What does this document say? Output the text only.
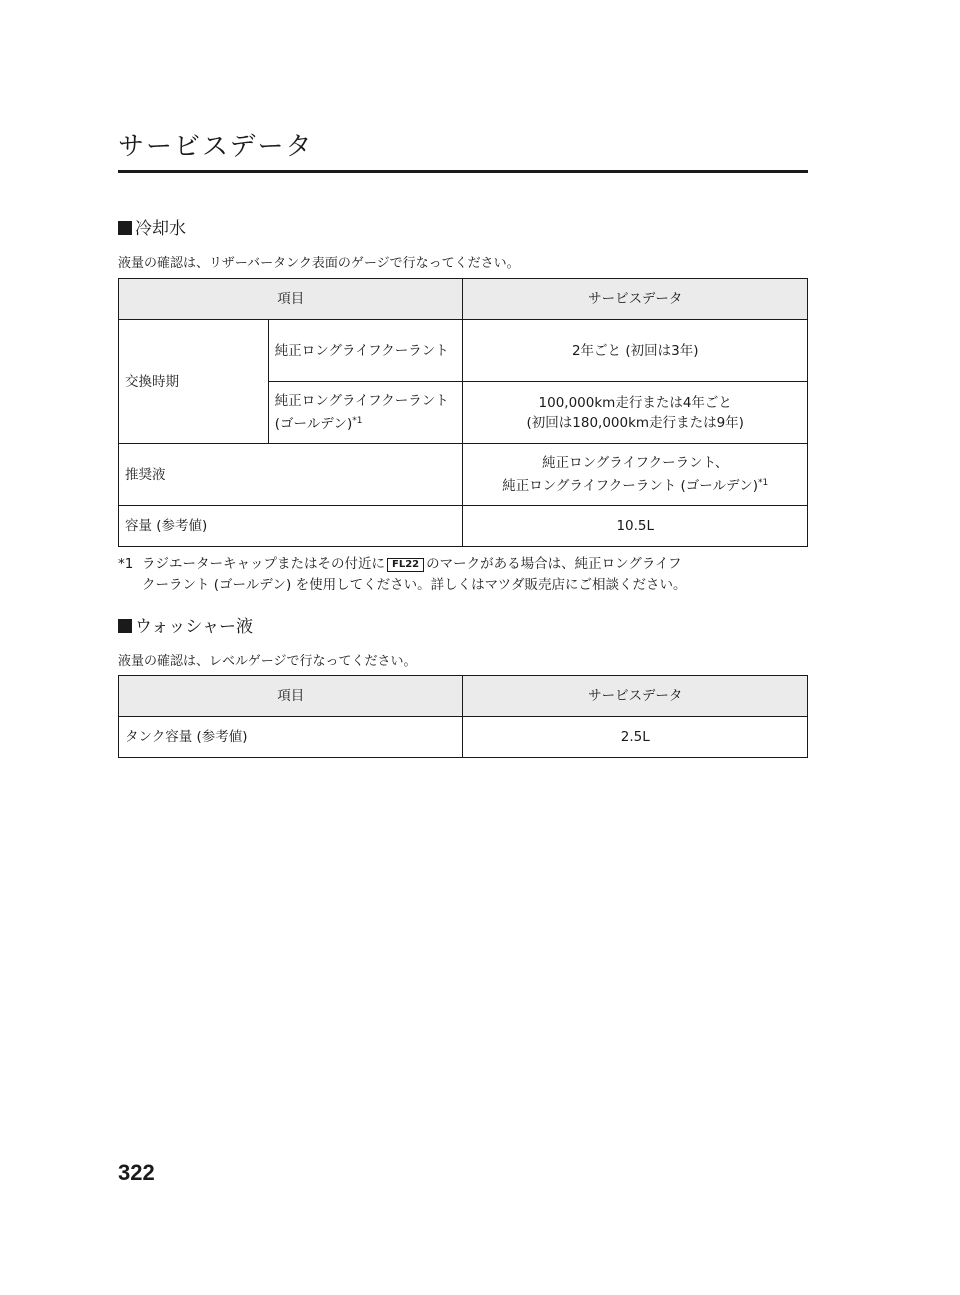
サービスデータ
冷却水
液量の確認は、リザーバータンク表面のゲージで行なってください。
項目		サービスデータ
交換時期	純正ロングライフクーラント	2年ごと (初回は3年)
	純正ロングライフクーラント (ゴールデン)$^{*1}$	100,000km走行または4年ごと
(初回は180,000km走行または9年)

推奨液		純正ロングライフクーラント、
純正ロングライフクーラント (ゴールデン)$^{*1}$

容量 (参考値)		10.5L
*1 ラジエーターキャップまたはその付近に FL22 のマークがある場合は、純正ロングライフ
クーラント (ゴールデン) を使用してください。詳しくはマツダ販売店にご相談ください。
ウォッシャー液
液量の確認は、レベルゲージで行なってください。
項目	サービスデータ
タンク容量 (参考値)	2.5L
322
